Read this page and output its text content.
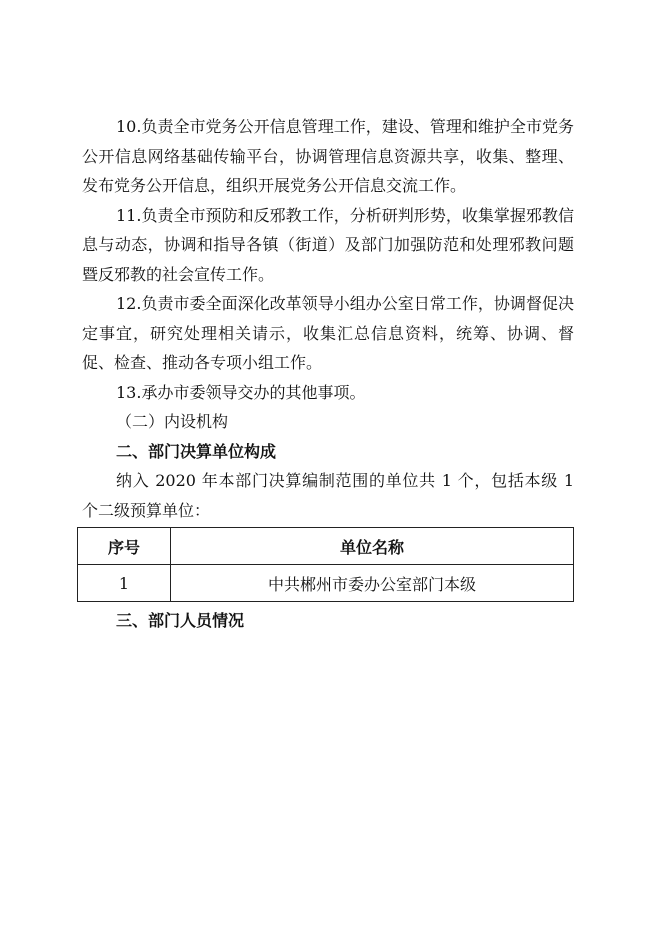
10.负责全市党务公开信息管理工作，建设、管理和维护全市党务公开信息网络基础传输平台，协调管理信息资源共享，收集、整理、发布党务公开信息，组织开展党务公开信息交流工作。

11.负责全市预防和反邪教工作，分析研判形势，收集掌握邪教信息与动态，协调和指导各镇（街道）及部门加强防范和处理邪教问题暨反邪教的社会宣传工作。

12.负责市委全面深化改革领导小组办公室日常工作，协调督促决定事宜，研究处理相关请示，收集汇总信息资料，统筹、协调、督促、检查、推动各专项小组工作。

13.承办市委领导交办的其他事项。

（二）内设机构

二、部门决算单位构成

纳入 2020 年本部门决算编制范围的单位共 1 个，包括本级 1 个二级预算单位：

序号	单位名称
1	中共郴州市委办公室部门本级

三、部门人员情况
